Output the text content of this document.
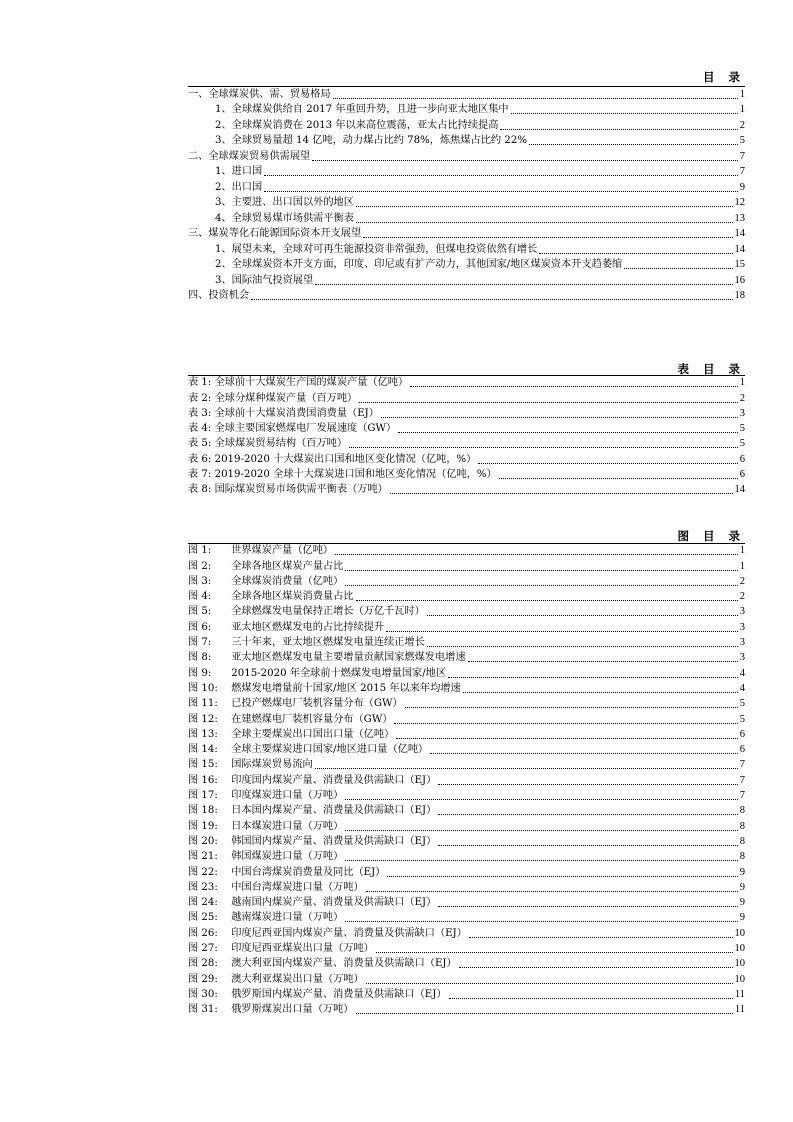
目 录
一、全球煤炭供、需、贸易格局	1
1、全球煤炭供给自 2017 年重回升势，且进一步向亚太地区集中	1
2、全球煤炭消费在 2013 年以来高位震荡，亚太占比持续提高	2
3、全球贸易量超 14 亿吨，动力煤占比约 78%，炼焦煤占比约 22%	5
二、全球煤炭贸易供需展望	7
1、进口国	7
2、出口国	9
3、主要进、出口国以外的地区	12
4、全球贸易煤市场供需平衡表	13
三、煤炭等化石能源国际资本开支展望	14
1、展望未来，全球对可再生能源投资非常强劲，但煤电投资依然有增长	14
2、全球煤炭资本开支方面，印度、印尼或有扩产动力，其他国家/地区煤炭资本开支趋萎缩	15
3、国际油气投资展望	16
四、投资机会	18
表 目 录
表 1: 全球前十大煤炭生产国的煤炭产量（亿吨）	1
表 2: 全球分煤种煤炭产量（百万吨）	2
表 3: 全球前十大煤炭消费国消费量（EJ）	3
表 4: 全球主要国家燃煤电厂发展速度（GW）	5
表 5: 全球煤炭贸易结构（百万吨）	5
表 6: 2019-2020 十大煤炭出口国和地区变化情况（亿吨，%）	6
表 7: 2019-2020 全球十大煤炭进口国和地区变化情况（亿吨，%）	6
表 8: 国际煤炭贸易市场供需平衡表（万吨）	14
图 目 录
图 1: 世界煤炭产量（亿吨）	1
图 2: 全球各地区煤炭产量占比	1
图 3: 全球煤炭消费量（亿吨）	2
图 4: 全球各地区煤炭消费量占比	2
图 5: 全球燃煤发电量保持正增长（万亿千瓦时）	3
图 6: 亚太地区燃煤发电的占比持续提升	3
图 7: 三十年来，亚太地区燃煤发电量连续正增长	3
图 8: 亚太地区燃煤发电量主要增量贡献国家燃煤发电增速	3
图 9: 2015-2020 年全球前十燃煤发电增量国家/地区	4
图 10: 燃煤发电增量前十国家/地区 2015 年以来年均增速	4
图 11: 已投产燃煤电厂装机容量分布（GW）	5
图 12: 在建燃煤电厂装机容量分布（GW）	5
图 13: 全球主要煤炭出口国出口量（亿吨）	6
图 14: 全球主要煤炭进口国家/地区进口量（亿吨）	6
图 15: 国际煤炭贸易流向	7
图 16: 印度国内煤炭产量、消费量及供需缺口（EJ）	7
图 17: 印度煤炭进口量（万吨）	7
图 18: 日本国内煤炭产量、消费量及供需缺口（EJ）	8
图 19: 日本煤炭进口量（万吨）	8
图 20: 韩国国内煤炭产量、消费量及供需缺口（EJ）	8
图 21: 韩国煤炭进口量（万吨）	8
图 22: 中国台湾煤炭消费量及同比（EJ）	9
图 23: 中国台湾煤炭进口量（万吨）	9
图 24: 越南国内煤炭产量、消费量及供需缺口（EJ）	9
图 25: 越南煤炭进口量（万吨）	9
图 26: 印度尼西亚国内煤炭产量、消费量及供需缺口（EJ）	10
图 27: 印度尼西亚煤炭出口量（万吨）	10
图 28: 澳大利亚国内煤炭产量、消费量及供需缺口（EJ）	10
图 29: 澳大利亚煤炭出口量（万吨）	10
图 30: 俄罗斯国内煤炭产量、消费量及供需缺口（EJ）	11
图 31: 俄罗斯煤炭出口量（万吨）	11
